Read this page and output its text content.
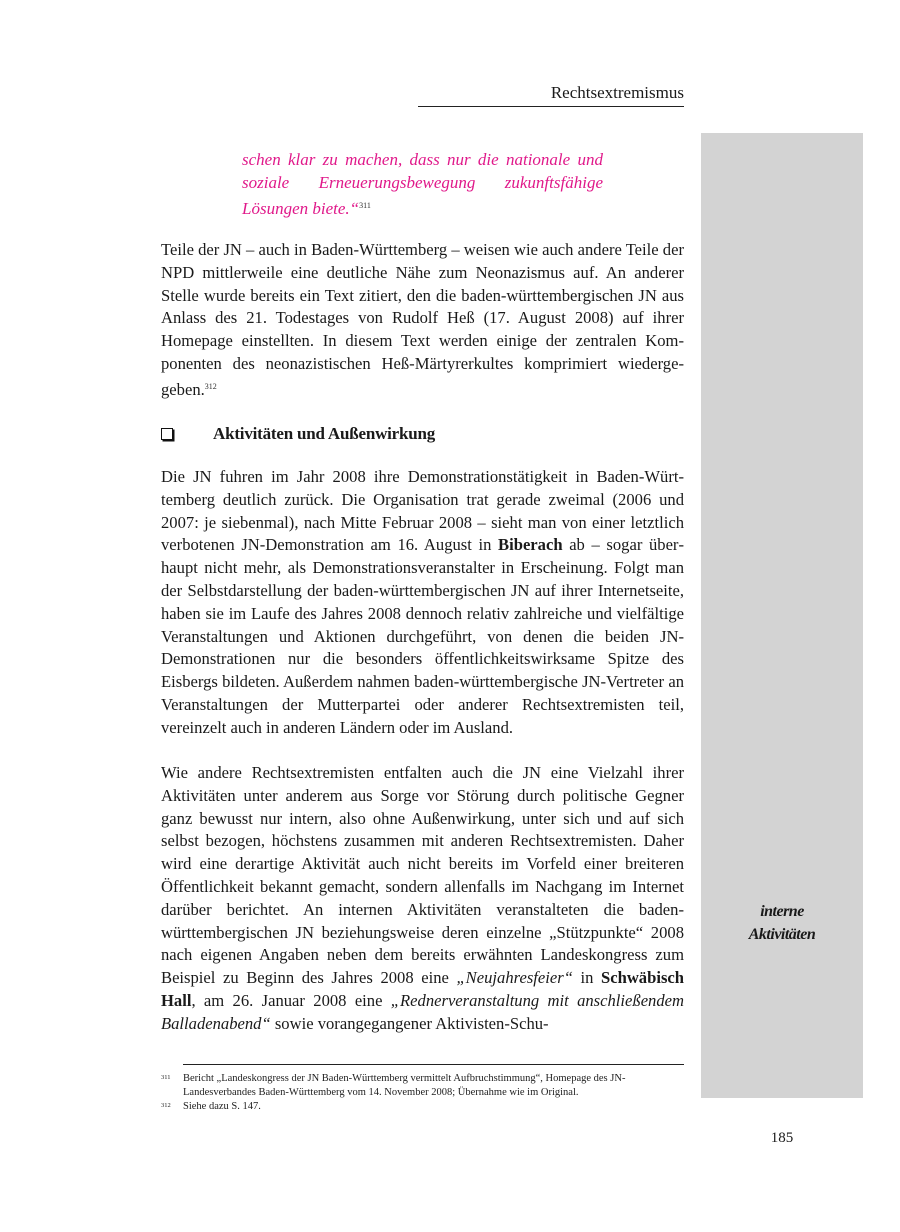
Rechtsextremismus
schen klar zu machen, dass nur die nationale und
soziale Erneuerungsbewegung zukunftsfähige
Lösungen biete.“$^{311}$
Teile der JN – auch in Baden-Württemberg – weisen wie auch andere Teile der NPD mittlerweile eine deutliche Nähe zum Neonazismus auf. An anderer Stelle wurde bereits ein Text zitiert, den die baden-württembergischen JN aus Anlass des 21. Todestages von Rudolf Heß (17. August 2008) auf ihrer Homepage einstellten. In diesem Text werden einige der zentralen Komponenten des neonazistischen Heß-Märtyrerkultes komprimiert wiedergegeben.$^{312}$
Aktivitäten und Außenwirkung
Die JN fuhren im Jahr 2008 ihre Demonstrationstätigkeit in Baden-Württemberg deutlich zurück. Die Organisation trat gerade zweimal (2006 und 2007: je siebenmal), nach Mitte Februar 2008 – sieht man von einer letztlich verbotenen JN-Demonstration am 16. August in Biberach ab – sogar überhaupt nicht mehr, als Demonstrationsveranstalter in Erscheinung. Folgt man der Selbstdarstellung der baden-württembergischen JN auf ihrer Internetseite, haben sie im Laufe des Jahres 2008 dennoch relativ zahlreiche und vielfältige Veranstaltungen und Aktionen durchgeführt, von denen die beiden JN-Demonstrationen nur die besonders öffentlichkeitswirksame Spitze des Eisbergs bildeten. Außerdem nahmen baden-württembergische JN-Vertreter an Veranstaltungen der Mutterpartei oder anderer Rechtsextremisten teil, vereinzelt auch in anderen Ländern oder im Ausland.
Wie andere Rechtsextremisten entfalten auch die JN eine Vielzahl ihrer Aktivitäten unter anderem aus Sorge vor Störung durch politische Gegner ganz bewusst nur intern, also ohne Außenwirkung, unter sich und auf sich selbst bezogen, höchstens zusammen mit anderen Rechtsextremisten. Daher wird eine derartige Aktivität auch nicht bereits im Vorfeld einer breiteren Öffentlichkeit bekannt gemacht, sondern allenfalls im Nachgang im Internet darüber berichtet. An internen Aktivitäten veranstalteten die baden-württembergischen JN beziehungsweise deren einzelne „Stützpunkte“ 2008 nach eigenen Angaben neben dem bereits erwähnten Landeskongress zum Beispiel zu Beginn des Jahres 2008 eine „Neujahresfeier“ in Schwäbisch Hall, am 26. Januar 2008 eine „Rednerveranstaltung mit anschließendem Balladenabend“ sowie vorangegangener Aktivisten-Schu-
interne
Aktivitäten
311	Bericht „Landeskongress der JN Baden-Württemberg vermittelt Aufbruchstimmung“, Homepage des JN-Landesverbandes Baden-Württemberg vom 14. November 2008; Übernahme wie im Original.
312	Siehe dazu S. 147.
185
